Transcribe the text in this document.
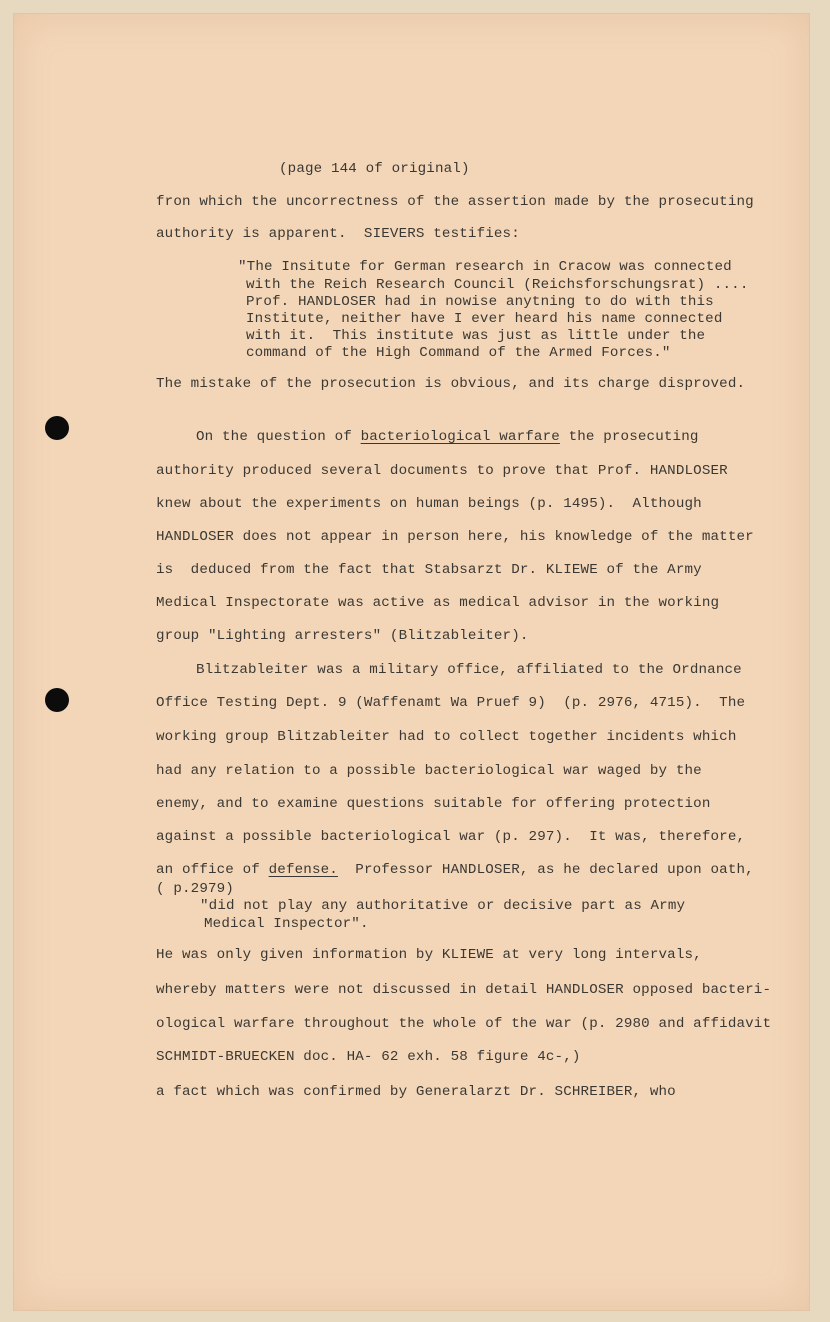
(page 144 of original)
fron which the uncorrectness of the assertion made by the prosecuting
authority is apparent.  SIEVERS testifies:
"The Insitute for German research in Cracow was connected
with the Reich Research Council (Reichsforschungsrat) ....
Prof. HANDLOSER had in nowise anytning to do with this
Institute, neither have I ever heard his name connected
with it.  This institute was just as little under the
command of the High Command of the Armed Forces."
The mistake of the prosecution is obvious, and its charge disproved.
On the question of bacteriological warfare the prosecuting
authority produced several documents to prove that Prof. HANDLOSER
knew about the experiments on human beings (p. 1495).  Although
HANDLOSER does not appear in person here, his knowledge of the matter
is  deduced from the fact that Stabsarzt Dr. KLIEWE of the Army
Medical Inspectorate was active as medical advisor in the working
group "Lighting arresters" (Blitzableiter).
Blitzableiter was a military office, affiliated to the Ordnance
Office Testing Dept. 9 (Waffenamt Wa Pruef 9)  (p. 2976, 4715).  The
working group Blitzableiter had to collect together incidents which
had any relation to a possible bacteriological war waged by the
enemy, and to examine questions suitable for offering protection
against a possible bacteriological war (p. 297).  It was, therefore,
an office of defense.  Professor HANDLOSER, as he declared upon oath,
( p.2979)
"did not play any authoritative or decisive part as Army
Medical Inspector".
He was only given information by KLIEWE at very long intervals,
whereby matters were not discussed in detail HANDLOSER opposed bacteri-
ological warfare throughout the whole of the war (p. 2980 and affidavit
SCHMIDT-BRUECKEN doc. HA- 62 exh. 58 figure 4c-,)
a fact which was confirmed by Generalarzt Dr. SCHREIBER, who
